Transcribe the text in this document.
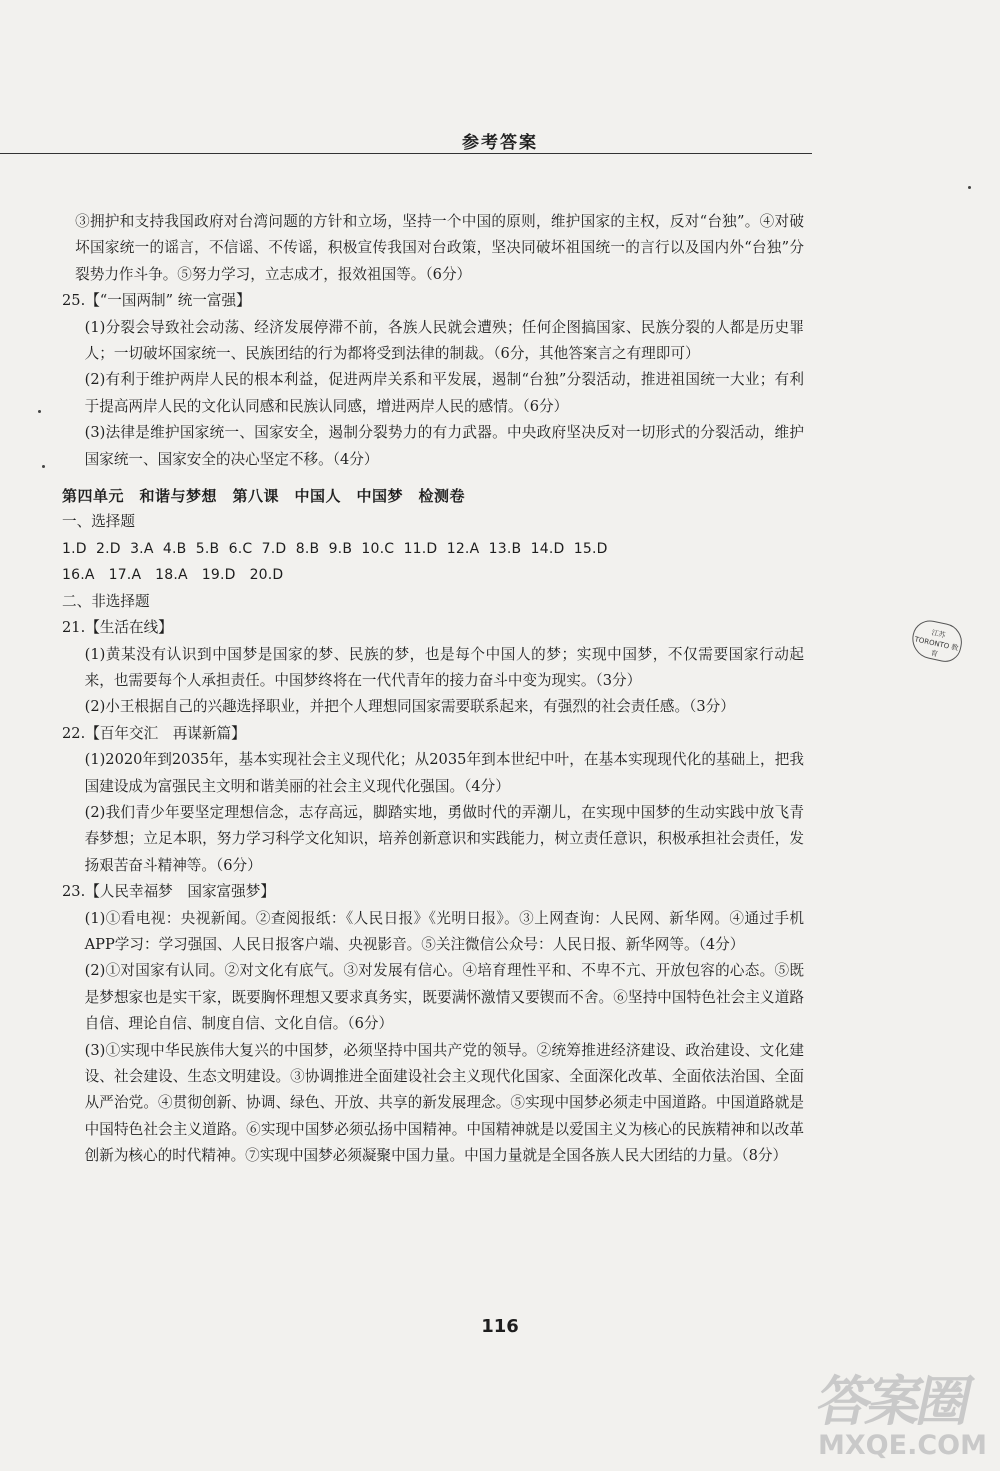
参考答案

③拥护和支持我国政府对台湾问题的方针和立场，坚持一个中国的原则，维护国家的主权，反对“台独”。④对破坏国家统一的谣言，不信谣、不传谣，积极宣传我国对台政策，坚决同破坏祖国统一的言行以及国内外“台独”分裂势力作斗争。⑤努力学习，立志成才，报效祖国等。（6分）

25.【“一国两制” 统一富强】

(1)分裂会导致社会动荡、经济发展停滞不前，各族人民就会遭殃；任何企图搞国家、民族分裂的人都是历史罪人；一切破坏国家统一、民族团结的行为都将受到法律的制裁。（6分，其他答案言之有理即可）

(2)有利于维护两岸人民的根本利益，促进两岸关系和平发展，遏制“台独”分裂活动，推进祖国统一大业；有利于提高两岸人民的文化认同感和民族认同感，增进两岸人民的感情。（6分）

(3)法律是维护国家统一、国家安全，遏制分裂势力的有力武器。中央政府坚决反对一切形式的分裂活动，维护国家统一、国家安全的决心坚定不移。（4分）

第四单元　和谐与梦想　第八课　中国人　中国梦　检测卷

一、选择题

1.D  2.D  3.A  4.B  5.B  6.C  7.D  8.B  9.B  10.C  11.D  12.A  13.B  14.D  15.D

16.A   17.A   18.A   19.D   20.D

二、非选择题

21.【生活在线】

(1)黄某没有认识到中国梦是国家的梦、民族的梦，也是每个中国人的梦；实现中国梦，不仅需要国家行动起来，也需要每个人承担责任。中国梦终将在一代代青年的接力奋斗中变为现实。（3分）

(2)小王根据自己的兴趣选择职业，并把个人理想同国家需要联系起来，有强烈的社会责任感。（3分）

22.【百年交汇　再谋新篇】

(1)2020年到2035年，基本实现社会主义现代化；从2035年到本世纪中叶，在基本实现现代化的基础上，把我国建设成为富强民主文明和谐美丽的社会主义现代化强国。（4分）

(2)我们青少年要坚定理想信念，志存高远，脚踏实地，勇做时代的弄潮儿，在实现中国梦的生动实践中放飞青春梦想；立足本职，努力学习科学文化知识，培养创新意识和实践能力，树立责任意识，积极承担社会责任，发扬艰苦奋斗精神等。（6分）

23.【人民幸福梦　国家富强梦】

(1)①看电视：央视新闻。②查阅报纸：《人民日报》《光明日报》。③上网查询：人民网、新华网。④通过手机APP学习：学习强国、人民日报客户端、央视影音。⑤关注微信公众号：人民日报、新华网等。（4分）

(2)①对国家有认同。②对文化有底气。③对发展有信心。④培育理性平和、不卑不亢、开放包容的心态。⑤既是梦想家也是实干家，既要胸怀理想又要求真务实，既要满怀激情又要锲而不舍。⑥坚持中国特色社会主义道路自信、理论自信、制度自信、文化自信。（6分）

(3)①实现中华民族伟大复兴的中国梦，必须坚持中国共产党的领导。②统筹推进经济建设、政治建设、文化建设、社会建设、生态文明建设。③协调推进全面建设社会主义现代化国家、全面深化改革、全面依法治国、全面从严治党。④贯彻创新、协调、绿色、开放、共享的新发展理念。⑤实现中国梦必须走中国道路。中国道路就是中国特色社会主义道路。⑥实现中国梦必须弘扬中国精神。中国精神就是以爱国主义为核心的民族精神和以改革创新为核心的时代精神。⑦实现中国梦必须凝聚中国力量。中国力量就是全国各族人民大团结的力量。（8分）

116
江苏 TORONTO 教育
答案圈
MXQE.COM
